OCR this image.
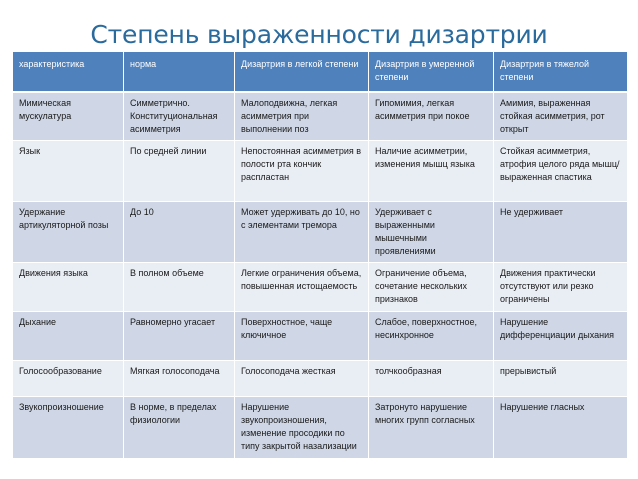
Степень выраженности дизартрии
характеристика	норма	Дизартрия в легкой степени	Дизартрия в умеренной степени	Дизартрия в тяжелой степени
Мимическая мускулатура	Симметрично. Конституциональная асимметрия	Малоподвижна, легкая асимметрия при выполнении поз	Гипомимия, легкая асимметрия при покое	Амимия, выраженная стойкая асимметрия, рот открыт
Язык	По средней линии	Непостоянная асимметрия в полости рта кончик распластан	Наличие асимметрии, изменения мышц языка	Стойкая асимметрия, атрофия целого ряда мышц/ выраженная спастика
Удержание артикуляторной позы	До 10	Может удерживать до 10, но с элементами тремора	Удерживает с выраженными мышечными проявлениями	Не удерживает
Движения языка	В полном объеме	Легкие ограничения объема, повышенная истощаемость	Ограничение объема, сочетание нескольких признаков	Движения практически отсутствуют или резко ограничены
Дыхание	Равномерно угасает	Поверхностное, чаще ключичное	Слабое, поверхностное, несинхронное	Нарушение дифференциации дыхания
Голосообразование	Мягкая голосоподача	Голосоподача жесткая	толчкообразная	прерывистый
Звукопроизношение	В норме, в пределах физиологии	Нарушение звукопроизношения, изменение просодики по типу закрытой назализации	Затронуто нарушение многих групп согласных	Нарушение гласных
